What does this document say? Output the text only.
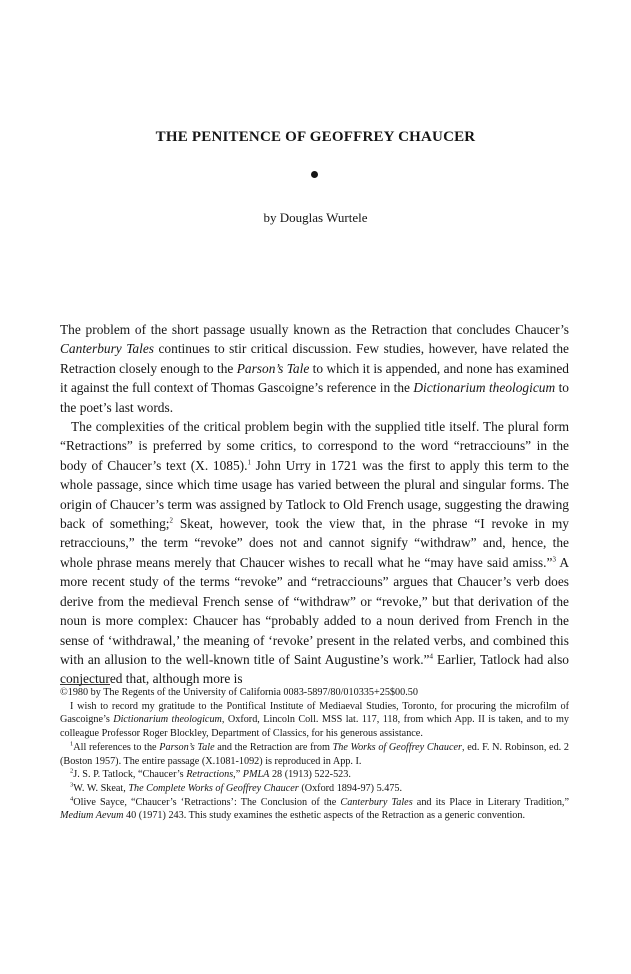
THE PENITENCE OF GEOFFREY CHAUCER

by Douglas Wurtele

The problem of the short passage usually known as the Retraction that concludes Chaucer’s Canterbury Tales continues to stir critical discussion. Few studies, however, have related the Retraction closely enough to the Parson’s Tale to which it is appended, and none has examined it against the full context of Thomas Gascoigne’s reference in the Dictionarium theologicum to the poet’s last words.

The complexities of the critical problem begin with the supplied title itself. The plural form “Retractions” is preferred by some critics, to correspond to the word “retracciouns” in the body of Chaucer’s text (X. 1085).$^1$ John Urry in 1721 was the first to apply this term to the whole passage, since which time usage has varied between the plural and singular forms. The origin of Chaucer’s term was assigned by Tatlock to Old French usage, suggesting the drawing back of something;$^2$ Skeat, however, took the view that, in the phrase “I revoke in my retracciouns,” the term “revoke” does not and cannot signify “withdraw” and, hence, the whole phrase means merely that Chaucer wishes to recall what he “may have said amiss.”$^3$ A more recent study of the terms “revoke” and “retracciouns” argues that Chaucer’s verb does derive from the medieval French sense of “withdraw” or “revoke,” but that derivation of the noun is more complex: Chaucer has “probably added to a noun derived from French in the sense of ‘withdrawal,’ the meaning of ‘revoke’ present in the related verbs, and combined this with an allusion to the well-known title of Saint Augustine’s work.”$^4$ Earlier, Tatlock had also conjectured that, although more is

©1980 by The Regents of the University of California 0083-5897/80/010335+25$00.50

I wish to record my gratitude to the Pontifical Institute of Mediaeval Studies, Toronto, for procuring the microfilm of Gascoigne’s Dictionarium theologicum, Oxford, Lincoln Coll. MSS lat. 117, 118, from which App. II is taken, and to my colleague Professor Roger Blockley, Department of Classics, for his generous assistance.

$^1$All references to the Parson’s Tale and the Retraction are from The Works of Geoffrey Chaucer, ed. F. N. Robinson, ed. 2 (Boston 1957). The entire passage (X.1081-1092) is reproduced in App. I.

$^2$J. S. P. Tatlock, “Chaucer’s Retractions,” PMLA 28 (1913) 522-523.

$^3$W. W. Skeat, The Complete Works of Geoffrey Chaucer (Oxford 1894-97) 5.475.

$^4$Olive Sayce, “Chaucer’s ‘Retractions’: The Conclusion of the Canterbury Tales and its Place in Literary Tradition,” Medium Aevum 40 (1971) 243. This study examines the esthetic aspects of the Retraction as a generic convention.
